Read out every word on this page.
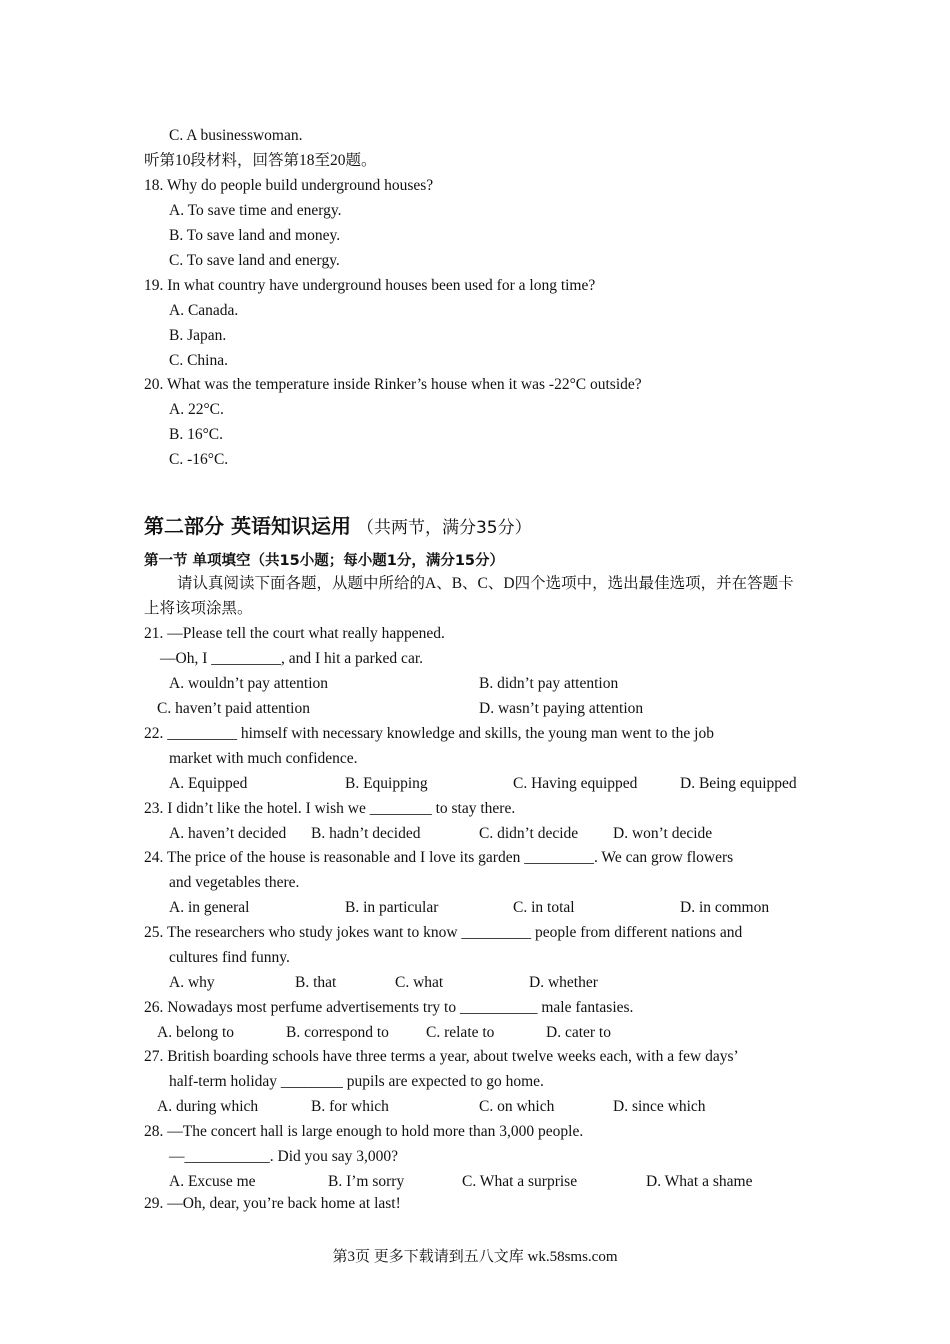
C. A businesswoman.
听第10段材料，回答第18至20题。
18. Why do people build underground houses?
A. To save time and energy.
B. To save land and money.
C. To save land and energy.
19. In what country have underground houses been used for a long time?
A. Canada.
B. Japan.
C. China.
20. What was the temperature inside Rinker’s house when it was -22°C outside?
A. 22°C.
B. 16°C.
C. -16°C.
第二部分 英语知识运用 （共两节，满分35分）
第一节 单项填空（共15小题；每小题1分，满分15分）
请认真阅读下面各题，从题中所给的A、B、C、D四个选项中，选出最佳选项，并在答题卡
上将该项涂黑。
21. —Please tell the court what really happened.
—Oh, I _________, and I hit a parked car.
A. wouldn’t pay attention	B. didn’t pay attention
C. haven’t paid attention	D. wasn’t paying attention
22. _________ himself with necessary knowledge and skills, the young man went to the job
market with much confidence.
A. Equipped	B. Equipping	C. Having equipped	D. Being equipped
23. I didn’t like the hotel. I wish we ________ to stay there.
A. haven’t decided B. hadn’t decided	C. didn’t decide D. won’t decide
24. The price of the house is reasonable and I love its garden _________. We can grow flowers
and vegetables there.
A. in general	B. in particular	C. in total	D. in common
25. The researchers who study jokes want to know _________ people from different nations and
cultures find funny.
A. why	B. that	C. what	D. whether
26. Nowadays most perfume advertisements try to __________ male fantasies.
A. belong to	B. correspond to C. relate to	D. cater to
27. British boarding schools have three terms a year, about twelve weeks each, with a few days’
half-term holiday ________ pupils are expected to go home.
A. during which	B. for which	C. on which	D. since which
28. —The concert hall is large enough to hold more than 3,000 people.
—___________. Did you say 3,000?
A. Excuse me	B. I’m sorry	C. What a surprise	D. What a shame
29. —Oh, dear, you’re back home at last!
第3页 更多下载请到五八文库 wk.58sms.com
